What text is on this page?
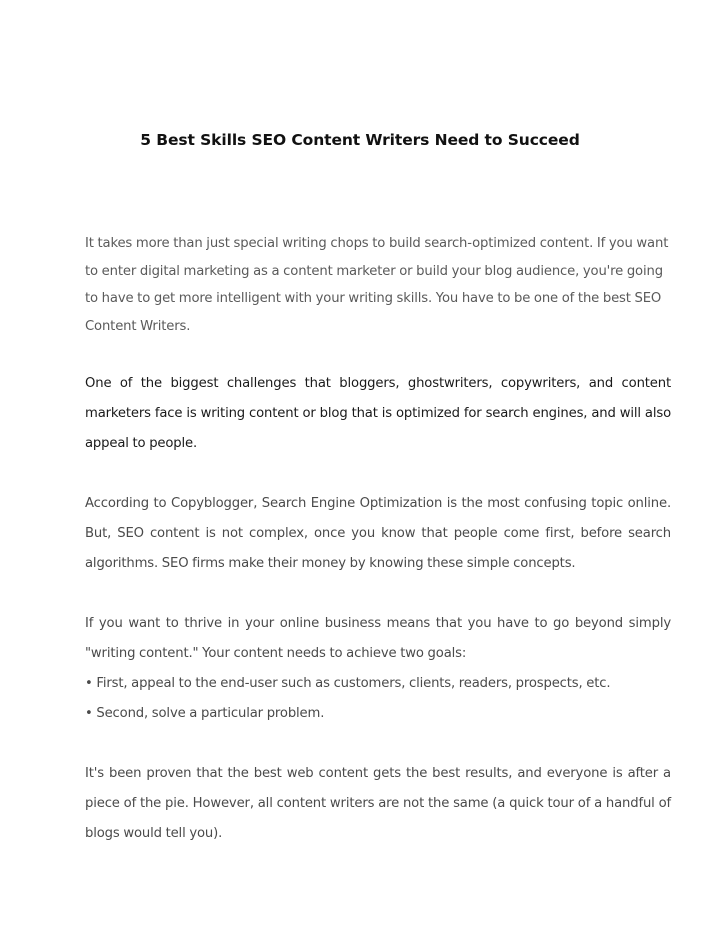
5 Best Skills SEO Content Writers Need to Succeed

It takes more than just special writing chops to build search-optimized content. If you want to enter digital marketing as a content marketer or build your blog audience, you're going to have to get more intelligent with your writing skills. You have to be one of the best SEO Content Writers.

One of the biggest challenges that bloggers, ghostwriters, copywriters, and content marketers face is writing content or blog that is optimized for search engines, and will also appeal to people.

According to Copyblogger, Search Engine Optimization is the most confusing topic online. But, SEO content is not complex, once you know that people come first, before search algorithms. SEO firms make their money by knowing these simple concepts.

If you want to thrive in your online business means that you have to go beyond simply "writing content." Your content needs to achieve two goals:
• First, appeal to the end-user such as customers, clients, readers, prospects, etc.
• Second, solve a particular problem.

It's been proven that the best web content gets the best results, and everyone is after a piece of the pie. However, all content writers are not the same (a quick tour of a handful of blogs would tell you).
